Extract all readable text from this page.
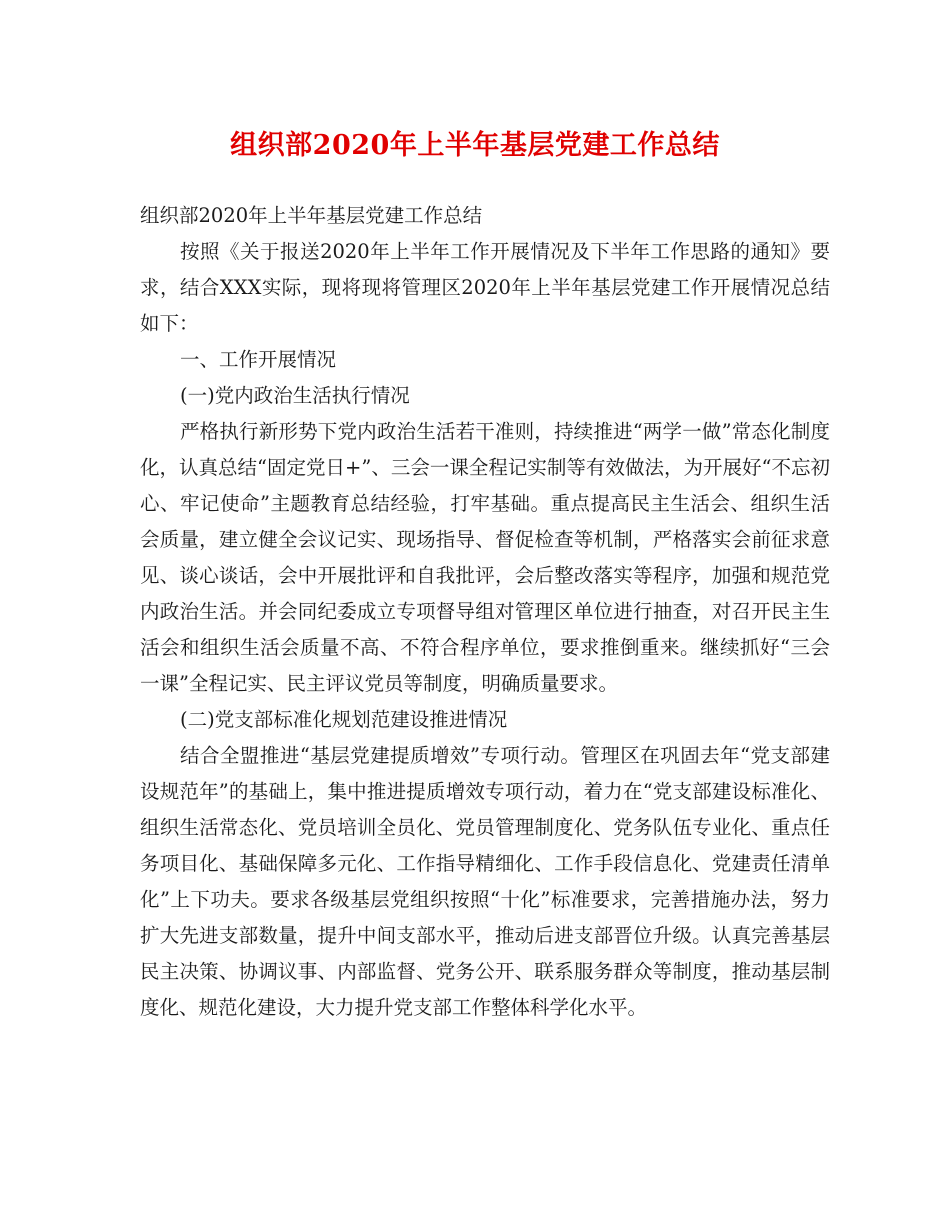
组织部2020年上半年基层党建工作总结

组织部2020年上半年基层党建工作总结

按照《关于报送2020年上半年工作开展情况及下半年工作思路的通知》要求，结合XXX实际，现将现将管理区2020年上半年基层党建工作开展情况总结如下：

一、工作开展情况

(一)党内政治生活执行情况

严格执行新形势下党内政治生活若干准则，持续推进“两学一做”常态化制度化，认真总结“固定党日+”、三会一课全程记实制等有效做法，为开展好“不忘初心、牢记使命”主题教育总结经验，打牢基础。重点提高民主生活会、组织生活会质量，建立健全会议记实、现场指导、督促检查等机制，严格落实会前征求意见、谈心谈话，会中开展批评和自我批评，会后整改落实等程序，加强和规范党内政治生活。并会同纪委成立专项督导组对管理区单位进行抽查，对召开民主生活会和组织生活会质量不高、不符合程序单位，要求推倒重来。继续抓好“三会一课”全程记实、民主评议党员等制度，明确质量要求。

(二)党支部标准化规划范建设推进情况

结合全盟推进“基层党建提质增效”专项行动。管理区在巩固去年“党支部建设规范年”的基础上，集中推进提质增效专项行动，着力在“党支部建设标准化、组织生活常态化、党员培训全员化、党员管理制度化、党务队伍专业化、重点任务项目化、基础保障多元化、工作指导精细化、工作手段信息化、党建责任清单化”上下功夫。要求各级基层党组织按照“十化”标准要求，完善措施办法，努力扩大先进支部数量，提升中间支部水平，推动后进支部晋位升级。认真完善基层民主决策、协调议事、内部监督、党务公开、联系服务群众等制度，推动基层制度化、规范化建设，大力提升党支部工作整体科学化水平。
